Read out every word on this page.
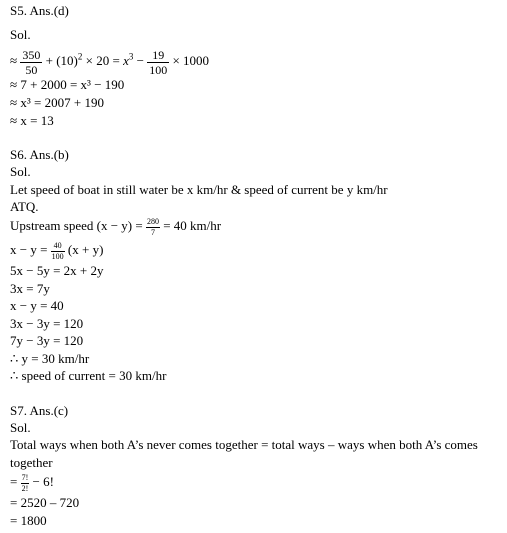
S5. Ans.(d)
Sol.
≈ $\frac{350}{50} + (10)^2 \times 20 = x^3 - \frac{19}{100} \times 1000$
≈ 7 + 2000 = x³ − 190
≈ x³ = 2007 + 190
≈ x = 13
S6. Ans.(b)
Sol.
Let speed of boat in still water be x km/hr & speed of current be y km/hr
ATQ.
Upstream speed $(x - y) = \frac{280}{7} = 40$ km/hr
$x - y = \frac{40}{100} (x + y)$
5x − 5y = 2x + 2y
3x = 7y
x − y = 40
3x − 3y = 120
7y − 3y = 120
∴ y = 30 km/hr
∴ speed of current = 30 km/hr
S7. Ans.(c)
Sol.
Total ways when both A’s never comes together = total ways – ways when both A’s comes
together
= $\frac{7!}{2!} - 6$!
= 2520 – 720
= 1800
